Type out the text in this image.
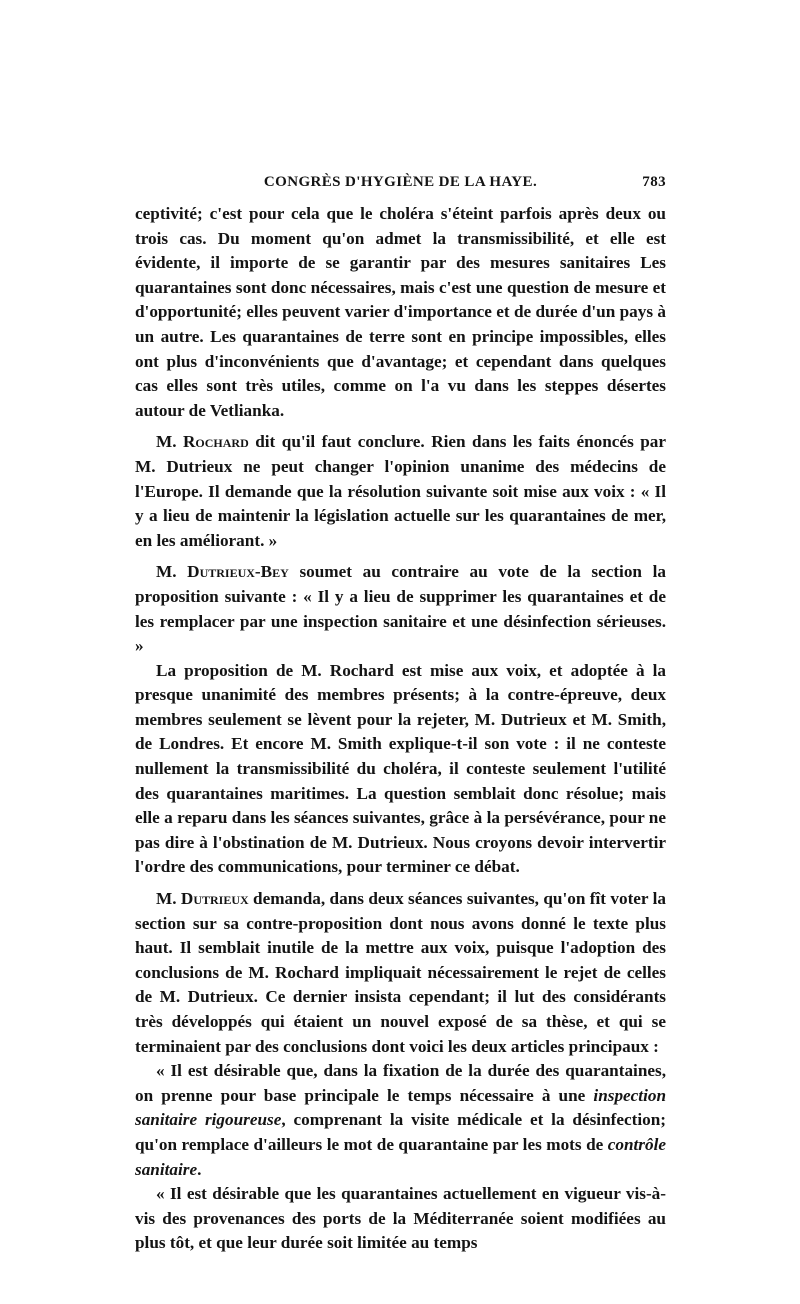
CONGRÈS D'HYGIÈNE DE LA HAYE.	783

ceptivité; c'est pour cela que le choléra s'éteint parfois après deux ou trois cas. Du moment qu'on admet la transmissibilité, et elle est évidente, il importe de se garantir par des mesures sanitaires Les quarantaines sont donc nécessaires, mais c'est une question de mesure et d'opportunité; elles peuvent varier d'importance et de durée d'un pays à un autre. Les quarantaines de terre sont en principe impossibles, elles ont plus d'inconvénients que d'avantage; et cependant dans quelques cas elles sont très utiles, comme on l'a vu dans les steppes désertes autour de Vetlianka.

M. Rochard dit qu'il faut conclure. Rien dans les faits énoncés par M. Dutrieux ne peut changer l'opinion unanime des médecins de l'Europe. Il demande que la résolution suivante soit mise aux voix : « Il y a lieu de maintenir la législation actuelle sur les quarantaines de mer, en les améliorant. »

M. Dutrieux-Bey soumet au contraire au vote de la section la proposition suivante : « Il y a lieu de supprimer les quarantaines et de les remplacer par une inspection sanitaire et une désinfection sérieuses. »

La proposition de M. Rochard est mise aux voix, et adoptée à la presque unanimité des membres présents; à la contre-épreuve, deux membres seulement se lèvent pour la rejeter, M. Dutrieux et M. Smith, de Londres. Et encore M. Smith explique-t-il son vote : il ne conteste nullement la transmissibilité du choléra, il conteste seulement l'utilité des quarantaines maritimes. La question semblait donc résolue; mais elle a reparu dans les séances suivantes, grâce à la persévérance, pour ne pas dire à l'obstination de M. Dutrieux. Nous croyons devoir intervertir l'ordre des communications, pour terminer ce débat.

M. Dutrieux demanda, dans deux séances suivantes, qu'on fît voter la section sur sa contre-proposition dont nous avons donné le texte plus haut. Il semblait inutile de la mettre aux voix, puisque l'adoption des conclusions de M. Rochard impliquait nécessairement le rejet de celles de M. Dutrieux. Ce dernier insista cependant; il lut des considérants très développés qui étaient un nouvel exposé de sa thèse, et qui se terminaient par des conclusions dont voici les deux articles principaux :

« Il est désirable que, dans la fixation de la durée des quarantaines, on prenne pour base principale le temps nécessaire à une inspection sanitaire rigoureuse, comprenant la visite médicale et la désinfection; qu'on remplace d'ailleurs le mot de quarantaine par les mots de contrôle sanitaire.

« Il est désirable que les quarantaines actuellement en vigueur vis-à-vis des provenances des ports de la Méditerranée soient modifiées au plus tôt, et que leur durée soit limitée au temps
